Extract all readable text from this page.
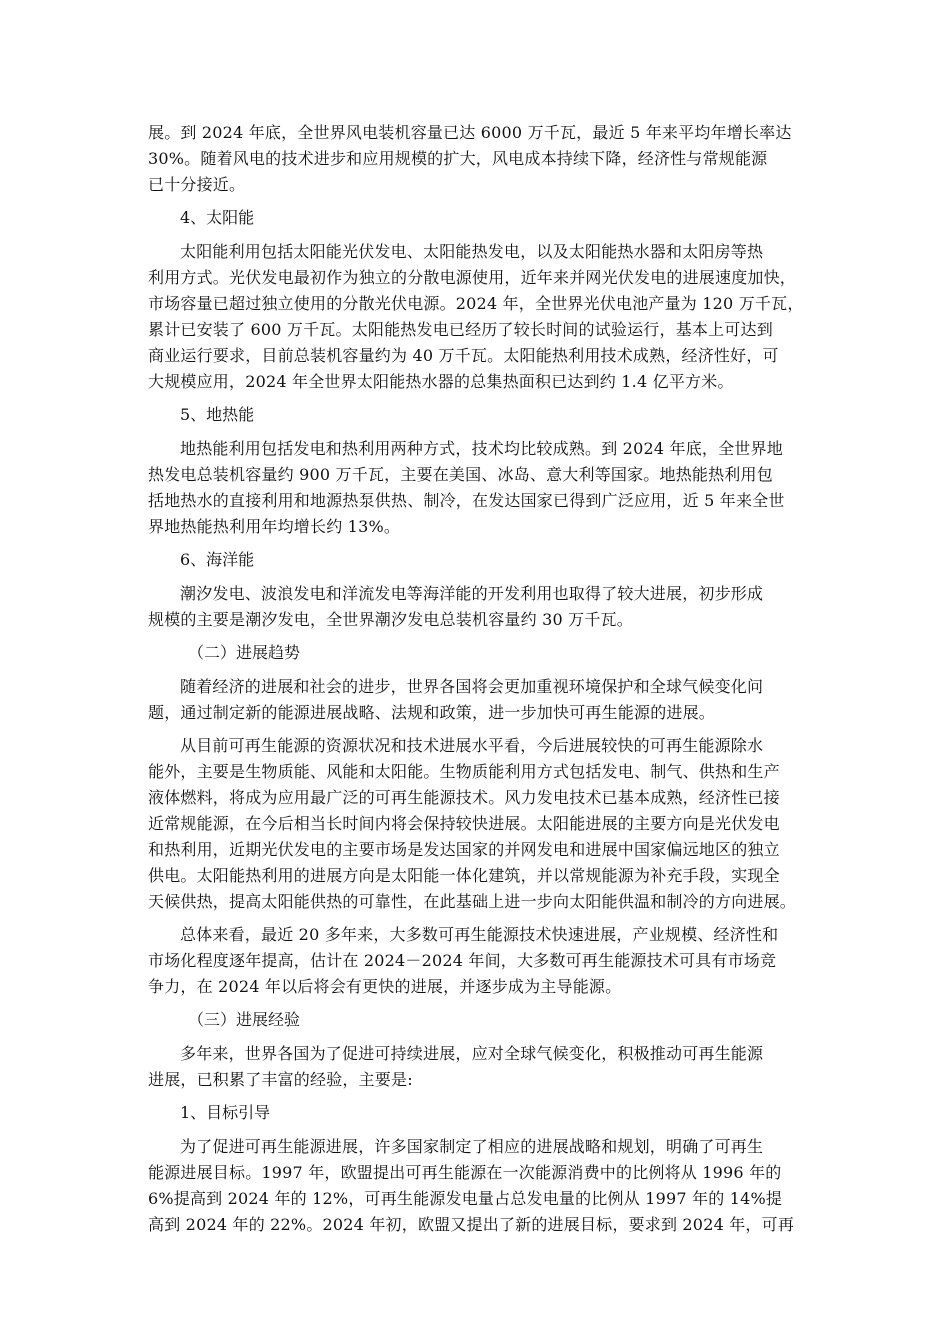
展。到 2024 年底，全世界风电装机容量已达 6000 万千瓦，最近 5 年来平均年增长率达
30%。随着风电的技术进步和应用规模的扩大，风电成本持续下降，经济性与常规能源
已十分接近。
4、太阳能
太阳能利用包括太阳能光伏发电、太阳能热发电，以及太阳能热水器和太阳房等热
利用方式。光伏发电最初作为独立的分散电源使用，近年来并网光伏发电的进展速度加快，
市场容量已超过独立使用的分散光伏电源。2024 年，全世界光伏电池产量为 120 万千瓦，
累计已安装了 600 万千瓦。太阳能热发电已经历了较长时间的试验运行，基本上可达到
商业运行要求，目前总装机容量约为 40 万千瓦。太阳能热利用技术成熟，经济性好，可
大规模应用，2024 年全世界太阳能热水器的总集热面积已达到约 1.4 亿平方米。
5、地热能
地热能利用包括发电和热利用两种方式，技术均比较成熟。到 2024 年底，全世界地
热发电总装机容量约 900 万千瓦，主要在美国、冰岛、意大利等国家。地热能热利用包
括地热水的直接利用和地源热泵供热、制冷，在发达国家已得到广泛应用，近 5 年来全世
界地热能热利用年均增长约 13%。
6、海洋能
潮汐发电、波浪发电和洋流发电等海洋能的开发利用也取得了较大进展，初步形成
规模的主要是潮汐发电，全世界潮汐发电总装机容量约 30 万千瓦。
（二）进展趋势
随着经济的进展和社会的进步，世界各国将会更加重视环境保护和全球气候变化问
题，通过制定新的能源进展战略、法规和政策，进一步加快可再生能源的进展。
从目前可再生能源的资源状况和技术进展水平看，今后进展较快的可再生能源除水
能外，主要是生物质能、风能和太阳能。生物质能利用方式包括发电、制气、供热和生产
液体燃料，将成为应用最广泛的可再生能源技术。风力发电技术已基本成熟，经济性已接
近常规能源，在今后相当长时间内将会保持较快进展。太阳能进展的主要方向是光伏发电
和热利用，近期光伏发电的主要市场是发达国家的并网发电和进展中国家偏远地区的独立
供电。太阳能热利用的进展方向是太阳能一体化建筑，并以常规能源为补充手段，实现全
天候供热，提高太阳能供热的可靠性，在此基础上进一步向太阳能供温和制冷的方向进展。
总体来看，最近 20 多年来，大多数可再生能源技术快速进展，产业规模、经济性和
市场化程度逐年提高，估计在 2024－2024 年间，大多数可再生能源技术可具有市场竞
争力，在 2024 年以后将会有更快的进展，并逐步成为主导能源。
（三）进展经验
多年来，世界各国为了促进可持续进展，应对全球气候变化，积极推动可再生能源
进展，已积累了丰富的经验，主要是:
1、目标引导
为了促进可再生能源进展，许多国家制定了相应的进展战略和规划，明确了可再生
能源进展目标。1997 年，欧盟提出可再生能源在一次能源消费中的比例将从 1996 年的
6%提高到 2024 年的 12%，可再生能源发电量占总发电量的比例从 1997 年的 14%提
高到 2024 年的 22%。2024 年初，欧盟又提出了新的进展目标，要求到 2024 年，可再
